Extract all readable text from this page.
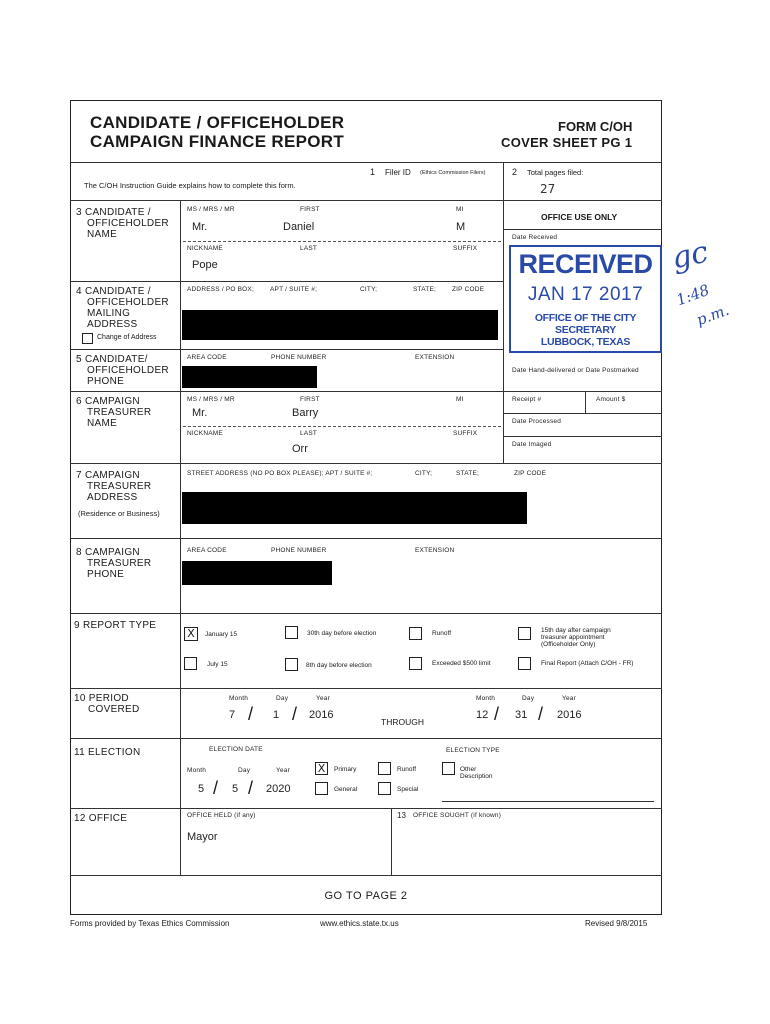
CANDIDATE / OFFICEHOLDER
CAMPAIGN FINANCE REPORT
FORM C/OH
COVER SHEET PG 1
The C/OH Instruction Guide explains how to complete this form.
1 Filer ID (Ethics Commission Filers)	2 Total pages filed:
27
3 CANDIDATE /
OFFICEHOLDER
NAME
MS / MRS / MR	FIRST	MI
Mr.	Daniel	M
NICKNAME	LAST	SUFFIX
Pope
OFFICE USE ONLY
Date Received
4 CANDIDATE /
OFFICEHOLDER
MAILING
ADDRESS
Change of Address
ADDRESS / PO BOX; APT / SUITE #;	CITY;	STATE; ZIP CODE
5 CANDIDATE/
OFFICEHOLDER
PHONE
AREA CODE	PHONE NUMBER	EXTENSION
Date Hand-delivered or Date Postmarked
6 CAMPAIGN
TREASURER
NAME
MS / MRS / MR	FIRST	MI
Mr.	Barry
NICKNAME	LAST	SUFFIX
Orr
Receipt #	Amount $
Date Processed
Date Imaged
7 CAMPAIGN
TREASURER
ADDRESS
(Residence or Business)
STREET ADDRESS (NO PO BOX PLEASE); APT / SUITE #;	CITY;	STATE;	ZIP CODE
8 CAMPAIGN
TREASURER
PHONE
AREA CODE	PHONE NUMBER	EXTENSION
9 REPORT TYPE
X	January 15	30th day before election	Runoff	15th day after campaign
treasurer appointment
(Officeholder Only)
July 15	8th day before election	Exceeded $500 limit	Final Report (Attach C/OH - FR)
10 PERIOD
COVERED
Month	Day	Year
7 / 1 / 2016
THROUGH
Month	Day	Year
12 / 31 / 2016
11 ELECTION	ELECTION DATE	ELECTION TYPE
Month	Day	Year
5 / 5 / 2020
X	Primary	Runoff	Other
Description
General	Special
12 OFFICE	OFFICE HELD (if any)
Mayor
13 OFFICE SOUGHT (if known)
GO TO PAGE 2
Forms provided by Texas Ethics Commission	www.ethics.state.tx.us	Revised 9/8/2015
RECEIVED
JAN 17 2017
OFFICE OF THE CITY SECRETARY
LUBBOCK, TEXAS
gc
1:48
p.m.
